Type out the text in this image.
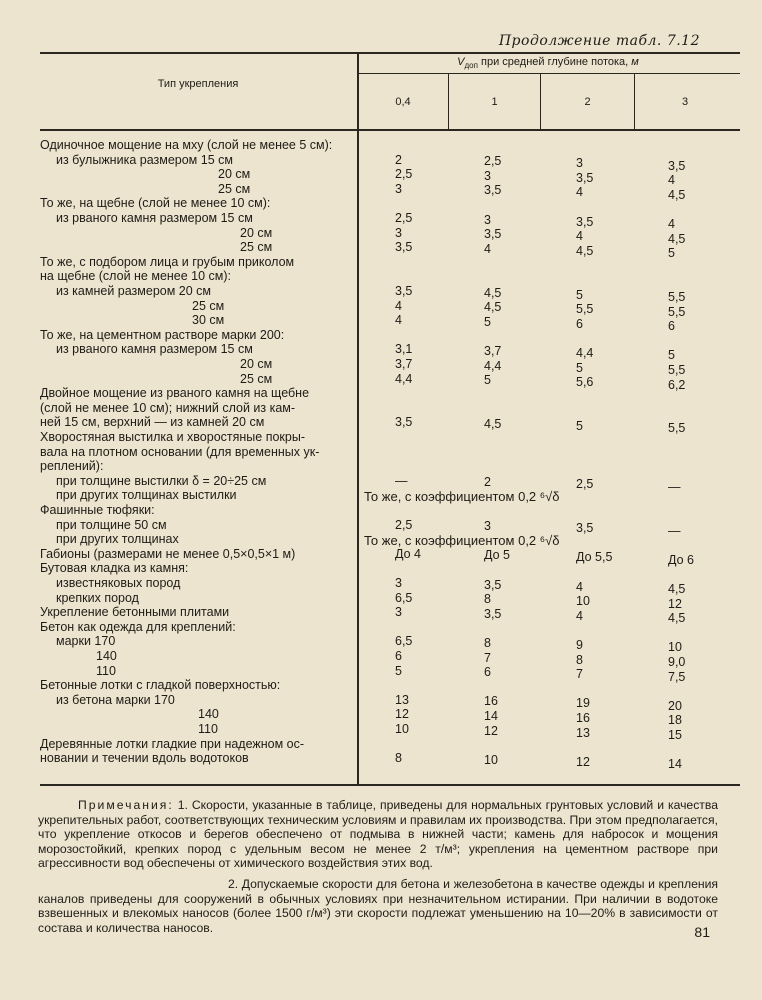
Продолжение табл. 7.12
Тип укрепления
$V_{доп}$ при средней глубине потока, м
0,4	1	2	3
Одиночное мощение на мху (слой не менее 5 см):
из булыжника размером 15 см	2	2,5	3	3,5
20 см	2,5	3	3,5	4
25 см	3	3,5	4	4,5
То же, на щебне (слой не менее 10 см):
из рваного камня размером 15 см	2,5	3	3,5	4
20 см	3	3,5	4	4,5
25 см	3,5	4	4,5	5
То же, с подбором лица и грубым приколом
на щебне (слой не менее 10 см):
из камней размером 20 см	3,5	4,5	5	5,5
25 см	4	4,5	5,5	5,5
30 см	4	5	6	6
То же, на цементном растворе марки 200:
из рваного камня размером 15 см	3,1	3,7	4,4	5
20 см	3,7	4,4	5	5,5
25 см	4,4	5	5,6	6,2
Двойное мощение из рваного камня на щебне
(слой не менее 10 см); нижний слой из кам-
ней 15 см, верхний — из камней 20 см	3,5	4,5	5	5,5
Хворостяная выстилка и хворостяные покры-
вала на плотном основании (для временных ук-
реплений):
при толщине выстилки δ = 20÷25 см	—	2	2,5	—
при других толщинах выстилки	То же, с коэффициентом 0,2 ⁶√δ
Фашинные тюфяки:
при толщине 50 см	2,5	3	3,5	—
при других толщинах	То же, с коэффициентом 0,2 ⁶√δ
Габионы (размерами не менее 0,5×0,5×1 м)	До 4	До 5	До 5,5	До 6
Бутовая кладка из камня:
известняковых пород	3	3,5	4	4,5
крепких пород	6,5	8	10	12
Укрепление бетонными плитами	3	3,5	4	4,5
Бетон как одежда для креплений:
марки 170	6,5	8	9	10
140	6	7	8	9,0
110	5	6	7	7,5
Бетонные лотки с гладкой поверхностью:
из бетона марки 170	13	16	19	20
140	12	14	16	18
110	10	12	13	15
Деревянные лотки гладкие при надежном ос-
новании и течении вдоль водотоков	8	10	12	14
Примечания: 1. Скорости, указанные в таблице, приведены для нормальных грунтовых условий и качества укрепительных работ, соответствующих техническим условиям и правилам их производства. При этом предполагается, что укрепление откосов и берегов обеспечено от подмыва в нижней части; камень для набросок и мощения морозостойкий, крепких пород с удельным весом не менее 2 т/м³; укрепления на цементном растворе при агрессивности вод обеспечены от химического воздействия этих вод.
2. Допускаемые скорости для бетона и железобетона в качестве одежды и крепления каналов приведены для сооружений в обычных условиях при незначительном истирании. При наличии в водотоке взвешенных и влекомых наносов (более 1500 г/м³) эти скорости подлежат уменьшению на 10—20% в зависимости от состава и количества наносов.	81
